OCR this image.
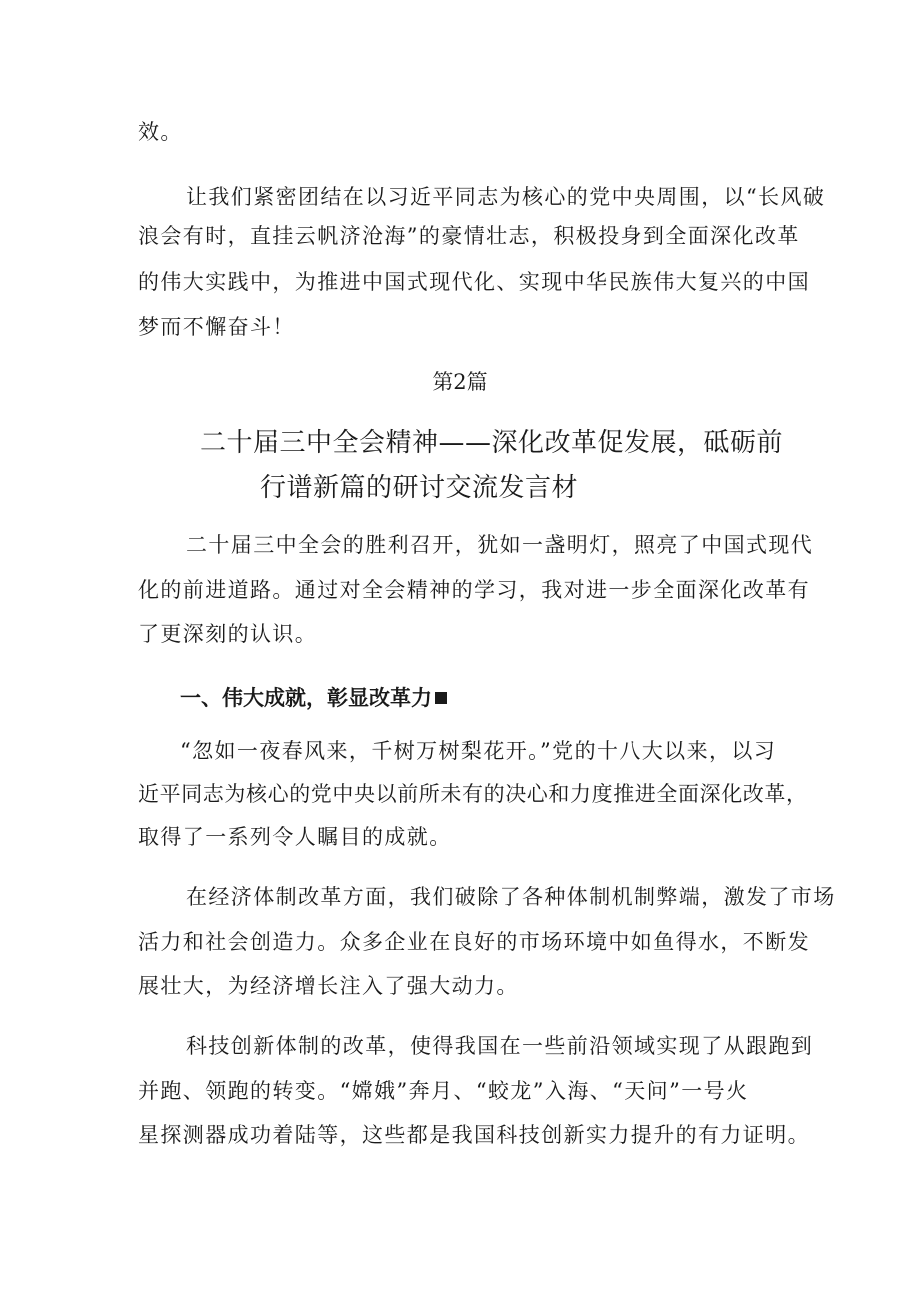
效。
让我们紧密团结在以习近平同志为核心的党中央周围，以“长风破
浪会有时，直挂云帆济沧海”的豪情壮志，积极投身到全面深化改革
的伟大实践中，为推进中国式现代化、实现中华民族伟大复兴的中国
梦而不懈奋斗！
第2篇
二十届三中全会精神——深化改革促发展，砥砺前
行谱新篇的研讨交流发言材
二十届三中全会的胜利召开，犹如一盏明灯，照亮了中国式现代
化的前进道路。通过对全会精神的学习，我对进一步全面深化改革有
了更深刻的认识。
一、伟大成就，彰显改革力
“忽如一夜春风来，千树万树梨花开。”党的十八大以来，以习
近平同志为核心的党中央以前所未有的决心和力度推进全面深化改革，
取得了一系列令人瞩目的成就。
在经济体制改革方面，我们破除了各种体制机制弊端，激发了市场
活力和社会创造力。众多企业在良好的市场环境中如鱼得水，不断发
展壮大，为经济增长注入了强大动力。
科技创新体制的改革，使得我国在一些前沿领域实现了从跟跑到
并跑、领跑的转变。“嫦娥”奔月、“蛟龙”入海、“天问”一号火
星探测器成功着陆等，这些都是我国科技创新实力提升的有力证明。
